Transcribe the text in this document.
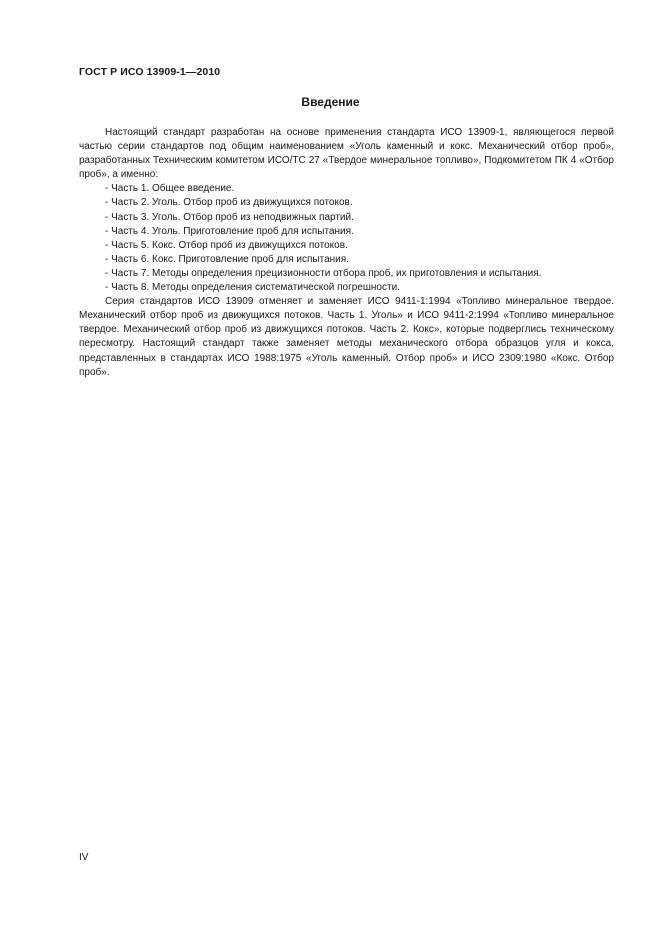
ГОСТ Р ИСО 13909-1—2010
Введение

Настоящий стандарт разработан на основе применения стандарта ИСО 13909-1, являющегося первой частью серии стандартов под общим наименованием «Уголь каменный и кокс. Механический отбор проб», разработанных Техническим комитетом ИСО/ТС 27 «Твердое минеральное топливо», Подкомитетом ПК 4 «Отбор проб», а именно:

- Часть 1. Общее введение.
- Часть 2. Уголь. Отбор проб из движущихся потоков.
- Часть 3. Уголь. Отбор проб из неподвижных партий.
- Часть 4. Уголь. Приготовление проб для испытания.
- Часть 5. Кокс. Отбор проб из движущихся потоков.
- Часть 6. Кокс. Приготовление проб для испытания.
- Часть 7. Методы определения прецизионности отбора проб, их приготовления и испытания.
- Часть 8. Методы определения систематической погрешности.

Серия стандартов ИСО 13909 отменяет и заменяет ИСО 9411-1:1994 «Топливо минеральное твердое. Механический отбор проб из движущихся потоков. Часть 1. Уголь» и ИСО 9411-2:1994 «Топливо минеральное твердое. Механический отбор проб из движущихся потоков. Часть 2. Кокс», которые подверглись техническому пересмотру. Настоящий стандарт также заменяет методы механического отбора образцов угля и кокса, представленных в стандартах ИСО 1988:1975 «Уголь каменный. Отбор проб» и ИСО 2309:1980 «Кокс. Отбор проб».

IV
